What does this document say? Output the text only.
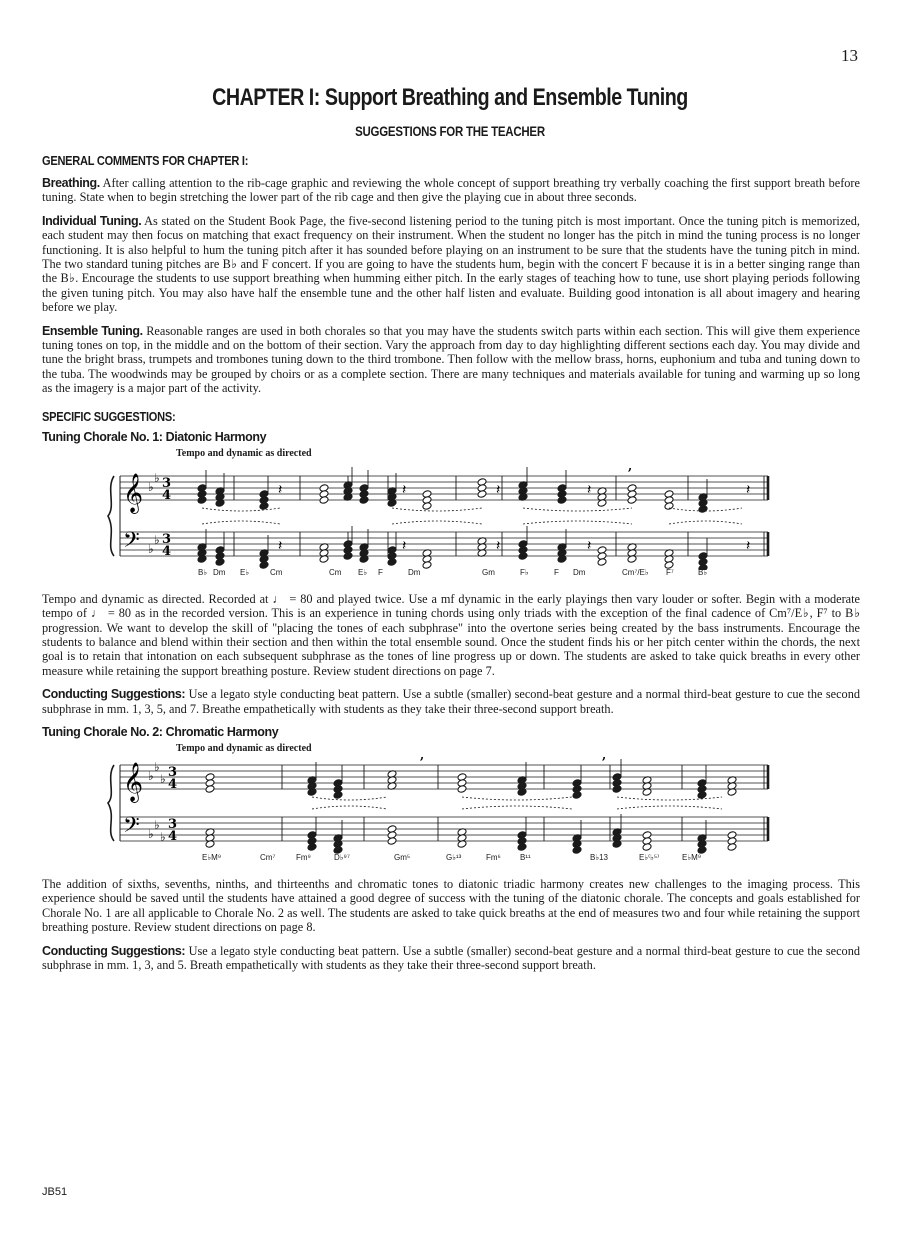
13
CHAPTER I: Support Breathing and Ensemble Tuning
SUGGESTIONS FOR THE TEACHER
GENERAL COMMENTS FOR CHAPTER I:

Breathing. After calling attention to the rib-cage graphic and reviewing the whole concept of support breathing try verbally coaching the first support breath before tuning. State when to begin stretching the lower part of the rib cage and then give the playing cue in about three seconds.

Individual Tuning. As stated on the Student Book Page, the five-second listening period to the tuning pitch is most important. Once the tuning pitch is memorized, each student may then focus on matching that exact frequency on their instrument. When the student no longer has the pitch in mind the tuning process is no longer functioning. It is also helpful to hum the tuning pitch after it has sounded before playing on an instrument to be sure that the students have the tuning pitch in mind. The two standard tuning pitches are B♭ and F concert. If you are going to have the students hum, begin with the concert F because it is in a better singing range than the B♭. Encourage the students to use support breathing when humming either pitch. In the early stages of teaching how to tune, use short playing periods following the given tuning pitch. You may also have half the ensemble tune and the other half listen and evaluate. Building good intonation is all about imagery and hearing before we play.

Ensemble Tuning. Reasonable ranges are used in both chorales so that you may have the students switch parts within each section. This will give them experience tuning tones on top, in the middle and on the bottom of their section. Vary the approach from day to day highlighting different sections each day. You may divide and tune the bright brass, trumpets and trombones tuning down to the third trombone. Then follow with the mellow brass, horns, euphonium and tuba and tuning down to the tuba. The woodwinds may be grouped by choirs or as a complete section. There are many techniques and materials available for tuning and warming up so long as the imagery is a major part of the activity.

SPECIFIC SUGGESTIONS:
Tuning Chorale No. 1: Diatonic Harmony
Tempo and dynamic as directed
𝄞 ♭
♭ 3
4	𝄽	𝄽	𝄽	𝄽	𝄽
𝄢 ♭
♭ 3
4	𝄽	𝄽	𝄽	𝄽	𝄽
,
B♭ Dm E♭	Cm	Cm E♭ F	Dm	Gm	F♭	F Dm	Cm⁷/E♭ F⁷	B♭

Tempo and dynamic as directed. Recorded at ♩ = 80 and played twice. Use a mf dynamic in the early playings then vary louder or softer. Begin with a moderate tempo of ♩ = 80 as in the recorded version. This is an experience in tuning chords using only triads with the exception of the final cadence of Cm⁷/E♭, F⁷ to B♭ progression. We want to develop the skill of "placing the tones of each subphrase" into the overtone series being created by the bass instruments. Encourage the students to balance and blend within their section and then within the total ensemble sound. Once the student finds his or her pitch center within the chords, the next goal is to retain that intonation on each subsequent subphrase as the tones of line progress up or down. The students are asked to take quick breaths in every other measure while retaining the support breathing posture. Review student directions on page 7.

Conducting Suggestions: Use a legato style conducting beat pattern. Use a subtle (smaller) second-beat gesture and a normal third-beat gesture to cue the second subphrase in mm. 1, 3, 5, and 7. Breathe empathetically with students as they take their three-second support breath.

Tuning Chorale No. 2: Chromatic Harmony
Tempo and dynamic as directed
𝄞 ♭
♭
♭ 3
4
𝄢 ♭
♭
♭
3
4
,	,
E♭M⁹	Cm⁷	Fm⁹	D♭⁹⁷	Gm⁵	G♭¹³	Fm⁶ B¹¹	B♭13	E♭⁽♭⁵⁾	E♭M⁹

The addition of sixths, sevenths, ninths, and thirteenths and chromatic tones to diatonic triadic harmony creates new challenges to the imaging process. This experience should be saved until the students have attained a good degree of success with the tuning of the diatonic chorale. The concepts and goals established for Chorale No. 1 are all applicable to Chorale No. 2 as well. The students are asked to take quick breaths at the end of measures two and four while retaining the support breathing posture. Review student directions on page 8.

Conducting Suggestions: Use a legato style conducting beat pattern. Use a subtle (smaller) second-beat gesture and a normal third-beat gesture to cue the second subphrase in mm. 1, 3, and 5. Breath empathetically with students as they take their three-second support breath.

JB51
